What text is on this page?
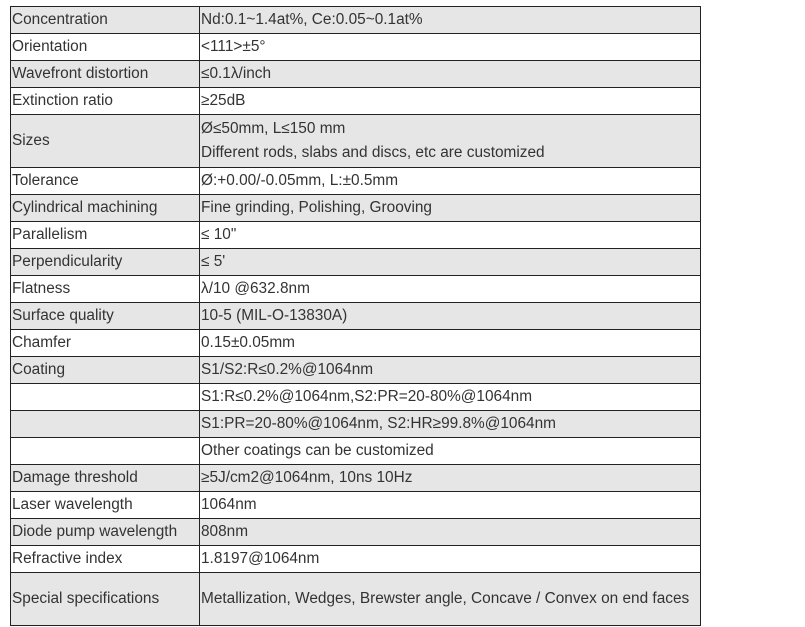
Concentration	Nd:0.1~1.4at%, Ce:0.05~0.1at%
Orientation	<111>±5°
Wavefront distortion	≤0.1λ/inch
Extinction ratio	≥25dB
Sizes	Ø≤50mm, L≤150 mm
Different rods, slabs and discs, etc are customized

Tolerance	Ø:+0.00/-0.05mm, L:±0.5mm
Cylindrical machining	Fine grinding, Polishing, Grooving
Parallelism	≤ 10"
Perpendicularity	≤ 5'
Flatness	λ/10 @632.8nm
Surface quality	10-5 (MIL-O-13830A)
Chamfer	0.15±0.05mm
Coating	S1/S2:R≤0.2%@1064nm
	S1:R≤0.2%@1064nm,S2:PR=20-80%@1064nm
	S1:PR=20-80%@1064nm, S2:HR≥99.8%@1064nm
	Other coatings can be customized
Damage threshold	≥5J/cm2@1064nm, 10ns 10Hz
Laser wavelength	1064nm
Diode pump wavelength	808nm
Refractive index	1.8197@1064nm
Special specifications	Metallization, Wedges, Brewster angle, Concave / Convex on end faces
